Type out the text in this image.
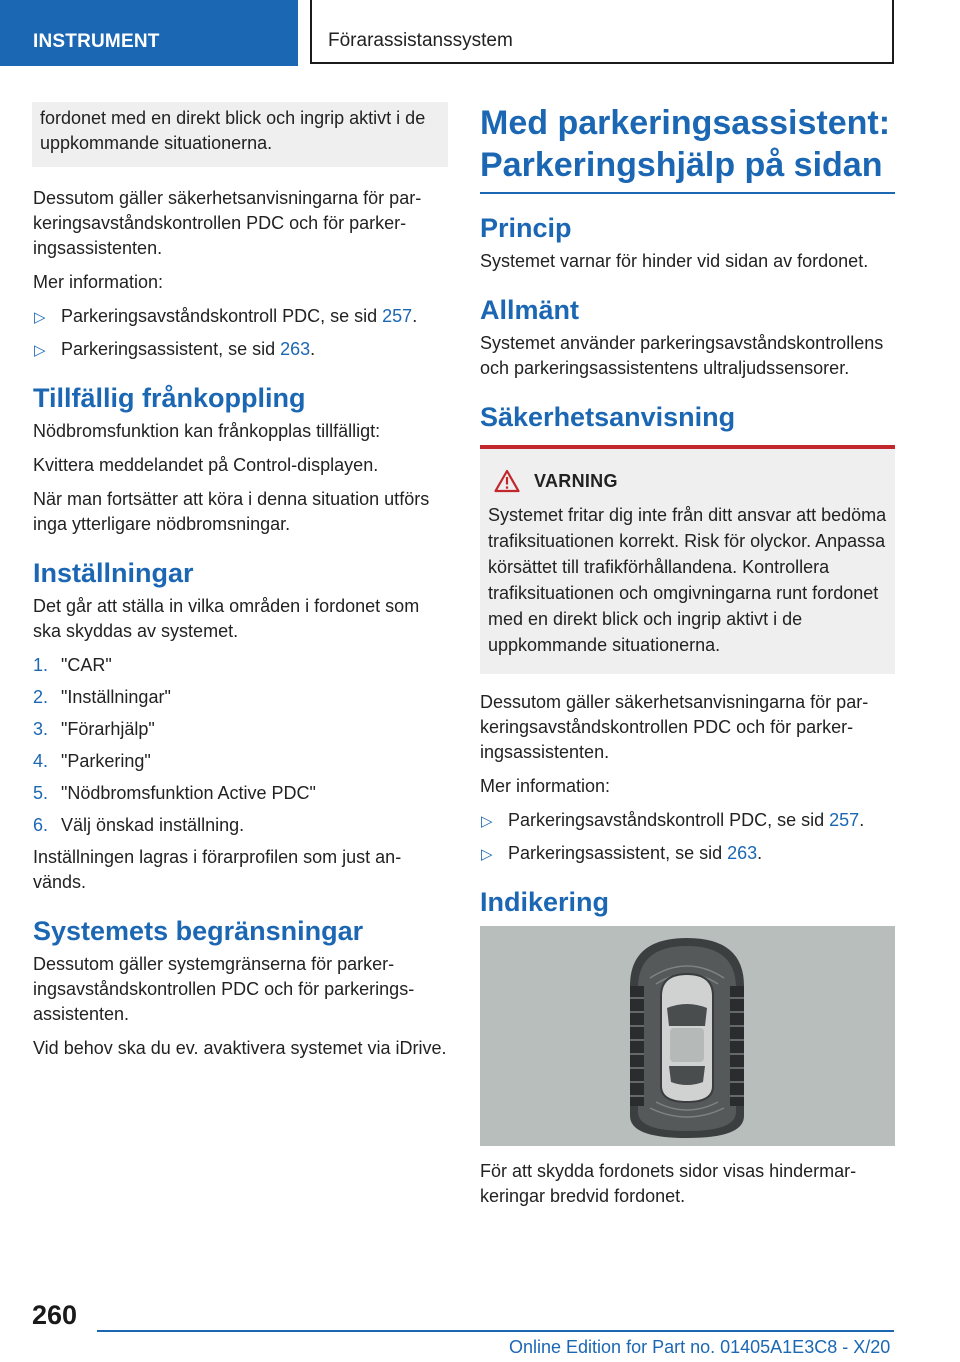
INSTRUMENT	Förarassistanssystem

fordonet med en direkt blick och ingrip aktivt i de uppkommande situationerna.

Dessutom gäller säkerhetsanvisningarna för parkeringsavståndskontrollen PDC och för parkeringsassistenten.

Mer information:

▷ Parkeringsavståndskontroll PDC, se sid 257.
▷ Parkeringsassistent, se sid 263.
Tillfällig frånkoppling

Nödbromsfunktion kan frånkopplas tillfälligt:

Kvittera meddelandet på Control-displayen.

När man fortsätter att köra i denna situation utförs inga ytterligare nödbromsningar.

Inställningar

Det går att ställa in vilka områden i fordonet som ska skyddas av systemet.

1. "CAR"
2. "Inställningar"
3. "Förarhjälp"
4. "Parkering"
5. "Nödbromsfunktion Active PDC"
6. Välj önskad inställning.

Inställningen lagras i förarprofilen som just används.

Systemets begränsningar

Dessutom gäller systemgränserna för parkeringsavståndskontrollen PDC och för parkeringsassistenten.

Vid behov ska du ev. avaktivera systemet via iDrive.

Med parkeringsassistent: Parkeringshjälp på sidan
Princip

Systemet varnar för hinder vid sidan av fordonet.

Allmänt

Systemet använder parkeringsavståndskontrollens och parkeringsassistentens ultraljudssensorer.

Säkerhetsanvisning
VARNING

Systemet fritar dig inte från ditt ansvar att bedöma trafiksituationen korrekt. Risk för olyckor. Anpassa körsättet till trafikförhållandena. Kontrollera trafiksituationen och omgivningarna runt fordonet med en direkt blick och ingrip aktivt i de uppkommande situationerna.

Dessutom gäller säkerhetsanvisningarna för parkeringsavståndskontrollen PDC och för parkeringsassistenten.

Mer information:

▷ Parkeringsavståndskontroll PDC, se sid 257.
▷ Parkeringsassistent, se sid 263.
Indikering

För att skydda fordonets sidor visas hindermarkeringar bredvid fordonet.

260
Online Edition for Part no. 01405A1E3C8 - X/20
